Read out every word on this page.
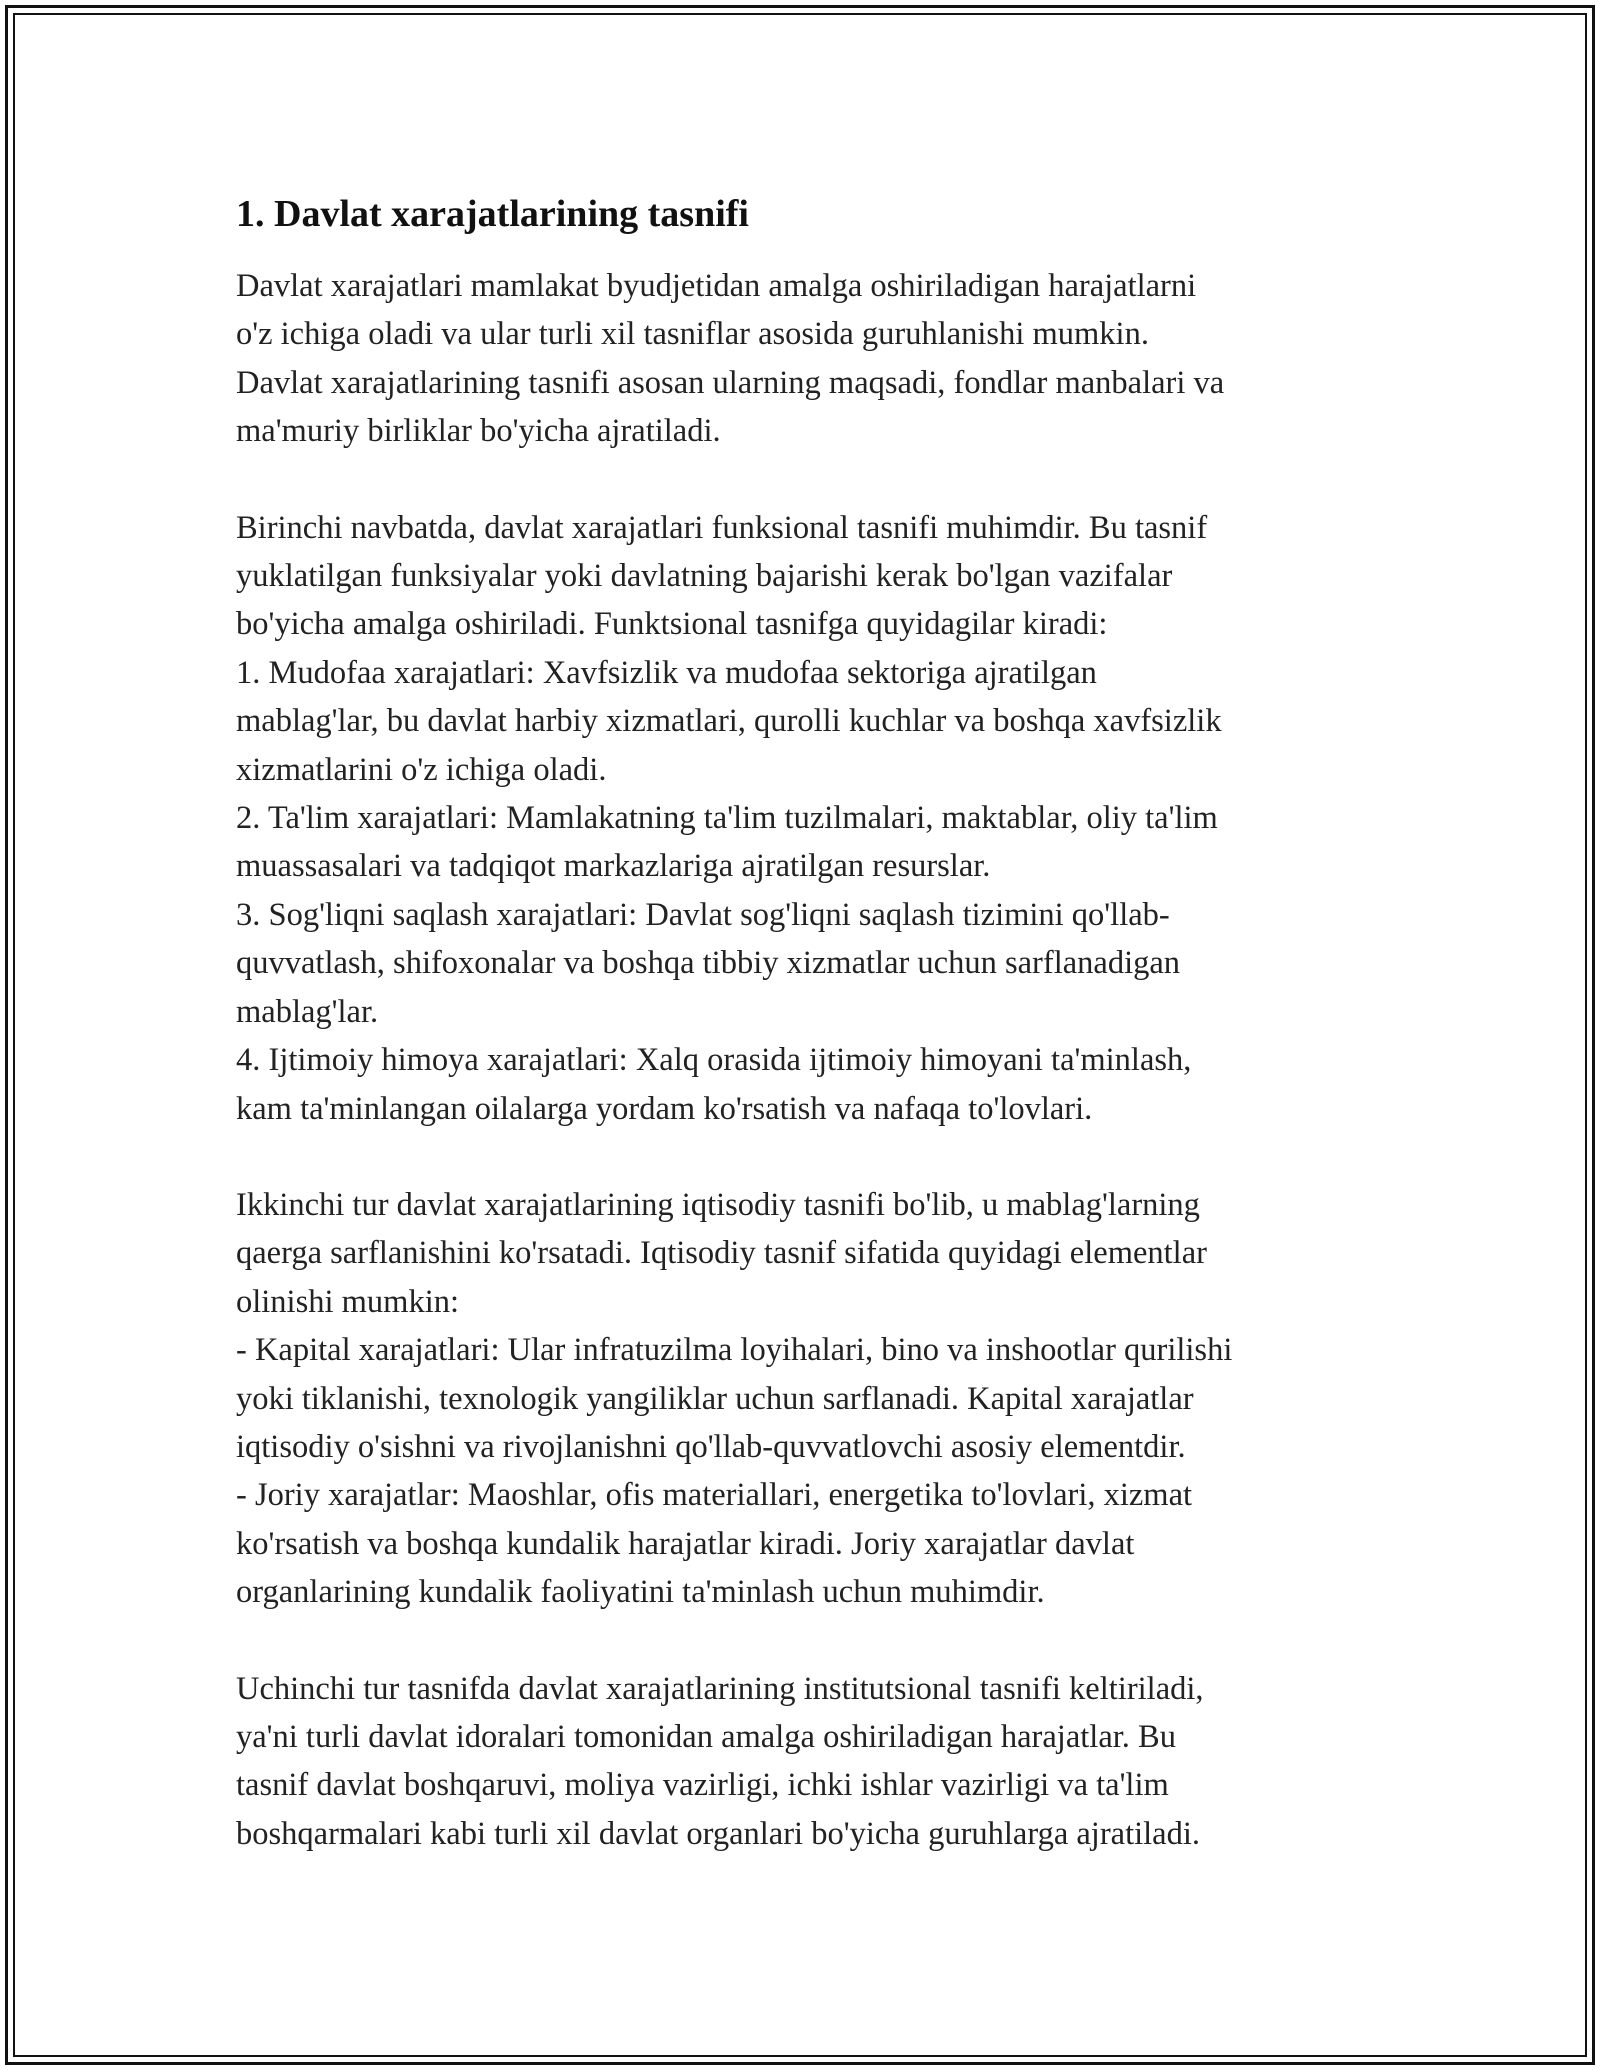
1. Davlat xarajatlarining tasnifi

Davlat xarajatlari mamlakat byudjetidan amalga oshiriladigan harajatlarni
o'z ichiga oladi va ular turli xil tasniflar asosida guruhlanishi mumkin.
Davlat xarajatlarining tasnifi asosan ularning maqsadi, fondlar manbalari va
ma'muriy birliklar bo'yicha ajratiladi.

Birinchi navbatda, davlat xarajatlari funksional tasnifi muhimdir. Bu tasnif
yuklatilgan funksiyalar yoki davlatning bajarishi kerak bo'lgan vazifalar
bo'yicha amalga oshiriladi. Funktsional tasnifga quyidagilar kiradi:
1. Mudofaa xarajatlari: Xavfsizlik va mudofaa sektoriga ajratilgan
mablag'lar, bu davlat harbiy xizmatlari, qurolli kuchlar va boshqa xavfsizlik
xizmatlarini o'z ichiga oladi.
2. Ta'lim xarajatlari: Mamlakatning ta'lim tuzilmalari, maktablar, oliy ta'lim
muassasalari va tadqiqot markazlariga ajratilgan resurslar.
3. Sog'liqni saqlash xarajatlari: Davlat sog'liqni saqlash tizimini qo'llab-
quvvatlash, shifoxonalar va boshqa tibbiy xizmatlar uchun sarflanadigan
mablag'lar.
4. Ijtimoiy himoya xarajatlari: Xalq orasida ijtimoiy himoyani ta'minlash,
kam ta'minlangan oilalarga yordam ko'rsatish va nafaqa to'lovlari.

Ikkinchi tur davlat xarajatlarining iqtisodiy tasnifi bo'lib, u mablag'larning
qaerga sarflanishini ko'rsatadi. Iqtisodiy tasnif sifatida quyidagi elementlar
olinishi mumkin:
- Kapital xarajatlari: Ular infratuzilma loyihalari, bino va inshootlar qurilishi
yoki tiklanishi, texnologik yangiliklar uchun sarflanadi. Kapital xarajatlar
iqtisodiy o'sishni va rivojlanishni qo'llab-quvvatlovchi asosiy elementdir.
- Joriy xarajatlar: Maoshlar, ofis materiallari, energetika to'lovlari, xizmat
ko'rsatish va boshqa kundalik harajatlar kiradi. Joriy xarajatlar davlat
organlarining kundalik faoliyatini ta'minlash uchun muhimdir.

Uchinchi tur tasnifda davlat xarajatlarining institutsional tasnifi keltiriladi,
ya'ni turli davlat idoralari tomonidan amalga oshiriladigan harajatlar. Bu
tasnif davlat boshqaruvi, moliya vazirligi, ichki ishlar vazirligi va ta'lim
boshqarmalari kabi turli xil davlat organlari bo'yicha guruhlarga ajratiladi.
